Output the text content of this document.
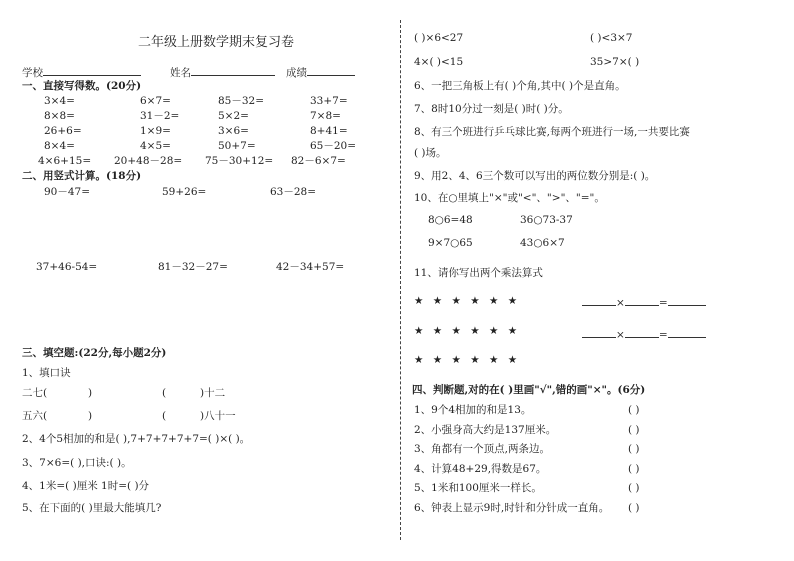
二年级上册数学期末复习卷
学校	姓名	成绩
一、直接写得数。(20分)
3×4=	6×7=	85－32=	33+7=
8×8=	31－2=	5×2=	7×8=
26+6=	1×9=	3×6=	8+41=
8×4=	4×5=	50+7=	65－20=
4×6+15= 20+48－28= 75－30+12= 82－6×7=
二、用竖式计算。(18分)
90－47=	59+26=	63－28=
37+46-54=	81－32－27=	42－34+57=
三、填空题:(22分,每小题2分)
1、填口诀
二七(	)	(	)十二
五六(	)	(	)八十一
2、4个5相加的和是( ),7+7+7+7+7=( )×( )。
3、7×6=( ),口诀:( )。
4、1米=( )厘米 1时=( )分
5、在下面的( )里最大能填几?
( )×6<27	( )<3×7
4×( )<15	35>7×( )
6、一把三角板上有( )个角,其中( )个是直角。
7、8时10分过一刻是( )时( )分。
8、有三个班进行乒乓球比赛,每两个班进行一场,一共要比赛
( )场。
9、用2、4、6三个数可以写出的两位数分别是:( )。
10、在○里填上"×"或"<"、">"、"="。
8○6=48	36○73-37
9×7○65	43○6×7
11、请你写出两个乘法算式
★ ★ ★ ★ ★ ★	×	=
★ ★ ★ ★ ★ ★	×	=
★ ★ ★ ★ ★ ★
四、判断题,对的在( )里画"√",错的画"×"。(6分)
1、9个4相加的和是13。	( )
2、小强身高大约是137厘米。	( )
3、角都有一个顶点,两条边。	( )
4、计算48+29,得数是67。	( )
5、1米和100厘米一样长。	( )
6、钟表上显示9时,时针和分针成一直角。 ( )
